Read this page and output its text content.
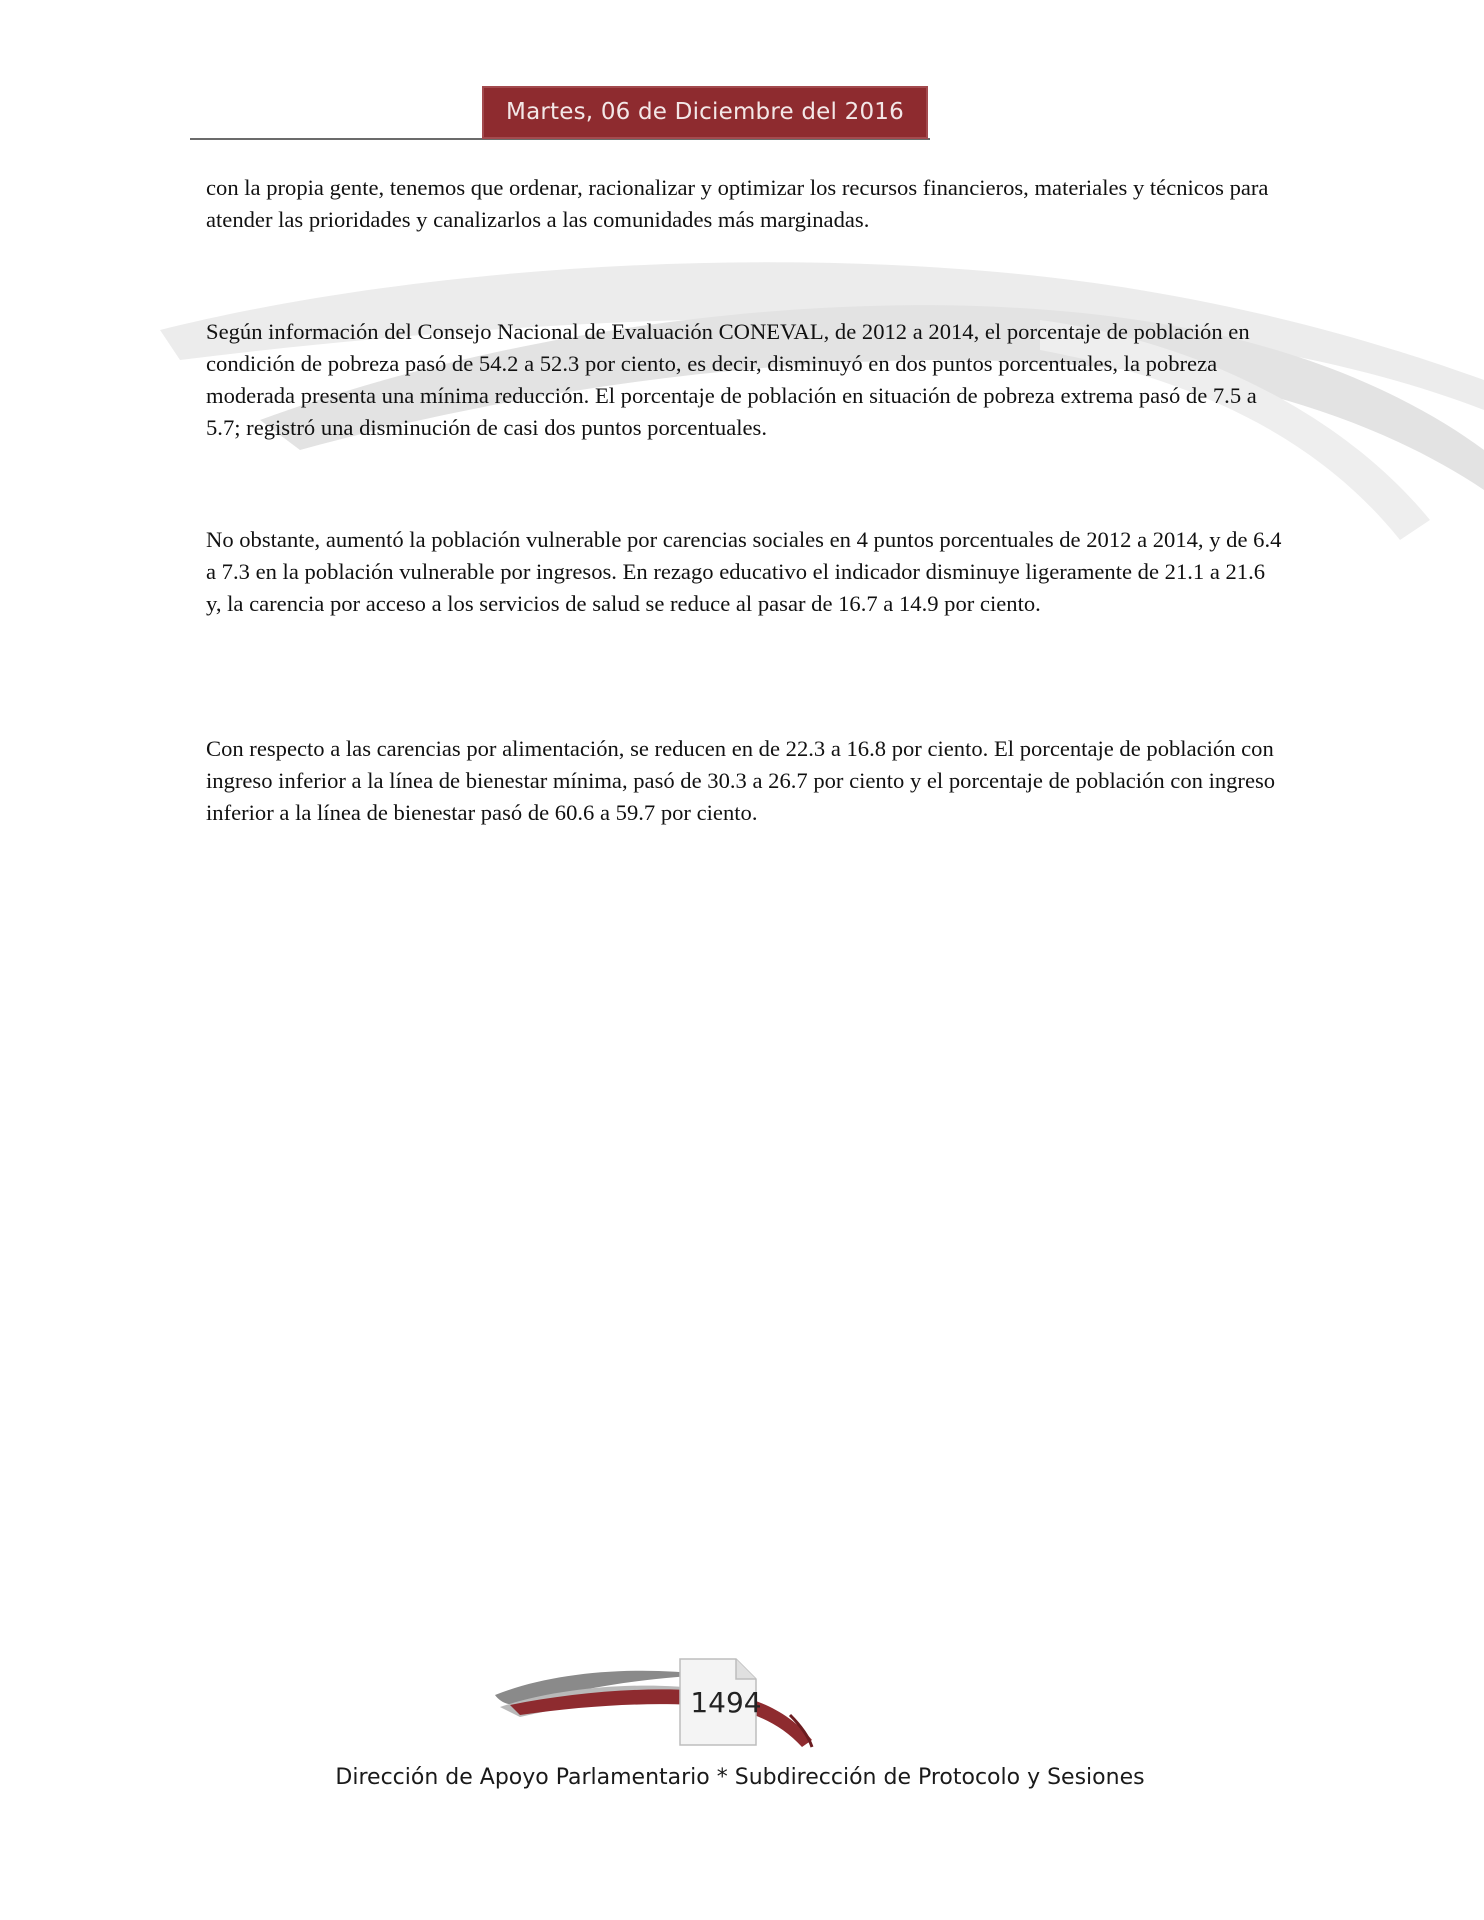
Martes, 06 de Diciembre del 2016

con la propia gente, tenemos que ordenar, racionalizar y optimizar los recursos financieros, materiales y técnicos para atender las prioridades y canalizarlos a las comunidades más marginadas.

Según información del Consejo Nacional de Evaluación CONEVAL, de 2012 a 2014, el porcentaje de población en condición de pobreza pasó de 54.2 a 52.3 por ciento, es decir, disminuyó en dos puntos porcentuales, la pobreza moderada presenta una mínima reducción. El porcentaje de población en situación de pobreza extrema pasó de 7.5 a 5.7; registró una disminución de casi dos puntos porcentuales.

No obstante, aumentó la población vulnerable por carencias sociales en 4 puntos porcentuales de 2012 a 2014, y de 6.4 a 7.3 en la población vulnerable por ingresos. En rezago educativo el indicador disminuye ligeramente de 21.1 a 21.6 y, la carencia por acceso a los servicios de salud se reduce al pasar de 16.7 a 14.9 por ciento.

Con respecto a las carencias por alimentación, se reducen en de 22.3 a 16.8 por ciento. El porcentaje de población con ingreso inferior a la línea de bienestar mínima, pasó de 30.3 a 26.7 por ciento y el porcentaje de población con ingreso inferior a la línea de bienestar pasó de 60.6 a 59.7 por ciento.

1494
Dirección de Apoyo Parlamentario * Subdirección de Protocolo y Sesiones
